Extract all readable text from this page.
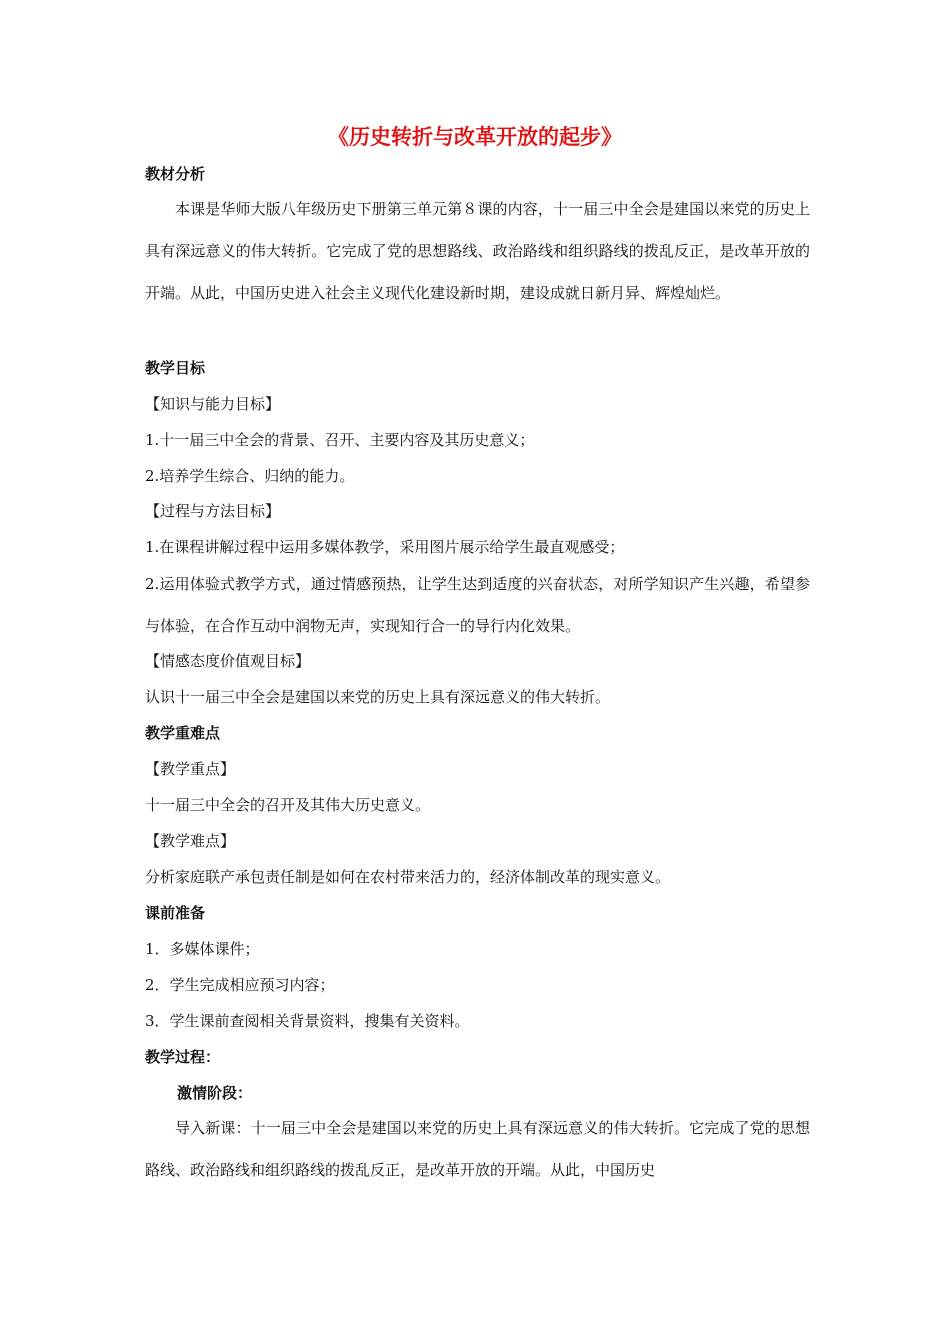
《历史转折与改革开放的起步》
教材分析
本课是华师大版八年级历史下册第三单元第８课的内容，十一届三中全会是建国以来党的历史上具有深远意义的伟大转折。它完成了党的思想路线、政治路线和组织路线的拨乱反正，是改革开放的开端。从此，中国历史进入社会主义现代化建设新时期，建设成就日新月异、辉煌灿烂。
教学目标
【知识与能力目标】
1.十一届三中全会的背景、召开、主要内容及其历史意义；
2.培养学生综合、归纳的能力。
【过程与方法目标】
1.在课程讲解过程中运用多媒体教学，采用图片展示给学生最直观感受；
2.运用体验式教学方式，通过情感预热，让学生达到适度的兴奋状态，对所学知识产生兴趣，希望参与体验，在合作互动中润物无声，实现知行合一的导行内化效果。
【情感态度价值观目标】
认识十一届三中全会是建国以来党的历史上具有深远意义的伟大转折。
教学重难点
【教学重点】
十一届三中全会的召开及其伟大历史意义。
【教学难点】
分析家庭联产承包责任制是如何在农村带来活力的，经济体制改革的现实意义。
课前准备
1．多媒体课件；
2．学生完成相应预习内容；
3．学生课前查阅相关背景资料，搜集有关资料。
教学过程：
激情阶段：
导入新课：十一届三中全会是建国以来党的历史上具有深远意义的伟大转折。它完成了党的思想路线、政治路线和组织路线的拨乱反正，是改革开放的开端。从此，中国历史
